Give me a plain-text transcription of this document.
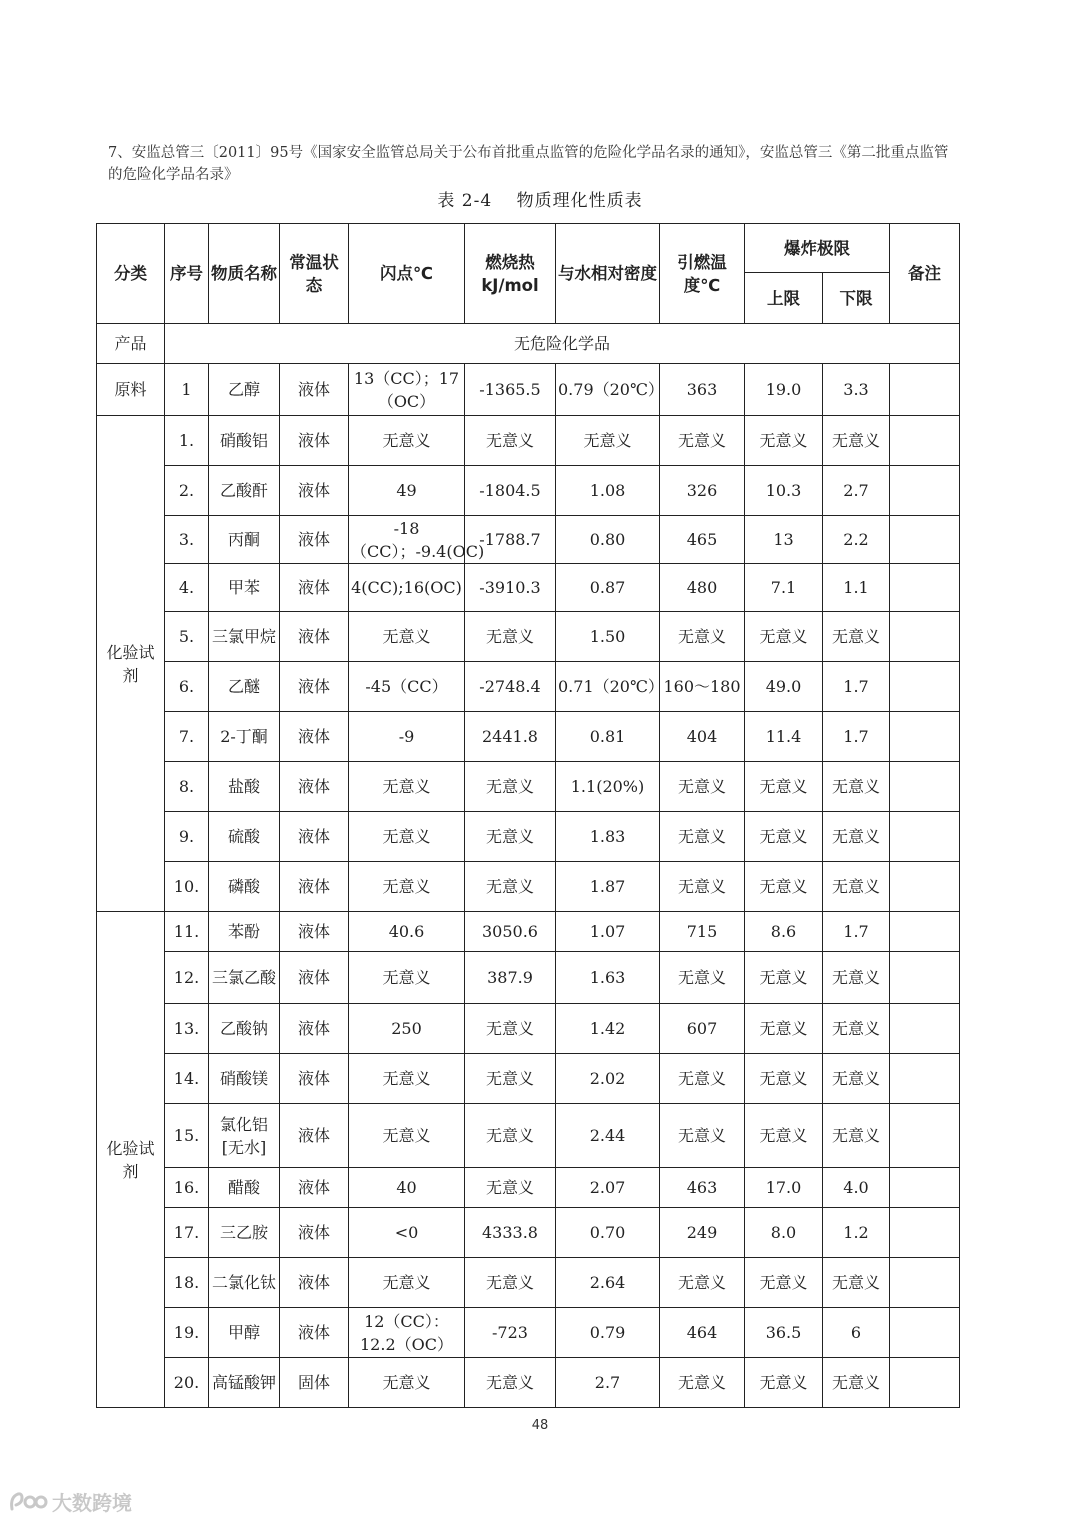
7、安监总管三〔2011〕95号《国家安全监管总局关于公布首批重点监管的危险化学品名录的通知》，安监总管三《第二批重点监管的危险化学品名录》
表 2-4　 物质理化性质表
分类	序号	物质名称	常温状态	闪点℃	燃烧热kJ/mol	与水相对密度	引燃温度℃	爆炸极限		备注
								上限	下限	
产品	无危险化学品									
原料	1	乙醇	液体	13（CC）；17（OC）	-1365.5	0.79（20℃）	363	19.0	3.3	
化验试剂	1.	硝酸铝	液体	无意义	无意义	无意义	无意义	无意义	无意义	
	2.	乙酸酐	液体	49	-1804.5	1.08	326	10.3	2.7	
	3.	丙酮	液体	-18（CC）；-9.4(OC)	-1788.7	0.80	465	13	2.2	
	4.	甲苯	液体	4(CC);16(OC)	-3910.3	0.87	480	7.1	1.1	
	5.	三氯甲烷	液体	无意义	无意义	1.50	无意义	无意义	无意义	
	6.	乙醚	液体	-45（CC）	-2748.4	0.71（20℃）	160～180	49.0	1.7	
	7.	2-丁酮	液体	-9	2441.8	0.81	404	11.4	1.7	
	8.	盐酸	液体	无意义	无意义	1.1(20%)	无意义	无意义	无意义	
	9.	硫酸	液体	无意义	无意义	1.83	无意义	无意义	无意义	
	10.	磷酸	液体	无意义	无意义	1.87	无意义	无意义	无意义	
化验试剂	11.	苯酚	液体	40.6	3050.6	1.07	715	8.6	1.7	
	12.	三氯乙酸	液体	无意义	387.9	1.63	无意义	无意义	无意义	
	13.	乙酸钠	液体	250	无意义	1.42	607	无意义	无意义	
	14.	硝酸镁	液体	无意义	无意义	2.02	无意义	无意义	无意义	
	15.	氯化铝[无水]	液体	无意义	无意义	2.44	无意义	无意义	无意义	
	16.	醋酸	液体	40	无意义	2.07	463	17.0	4.0	
	17.	三乙胺	液体	<0	4333.8	0.70	249	8.0	1.2	
	18.	二氯化钛	液体	无意义	无意义	2.64	无意义	无意义	无意义	
	19.	甲醇	液体	12（CC）：12.2（OC）	-723	0.79	464	36.5	6	
	20.	高锰酸钾	固体	无意义	无意义	2.7	无意义	无意义	无意义	
48
大数跨境
